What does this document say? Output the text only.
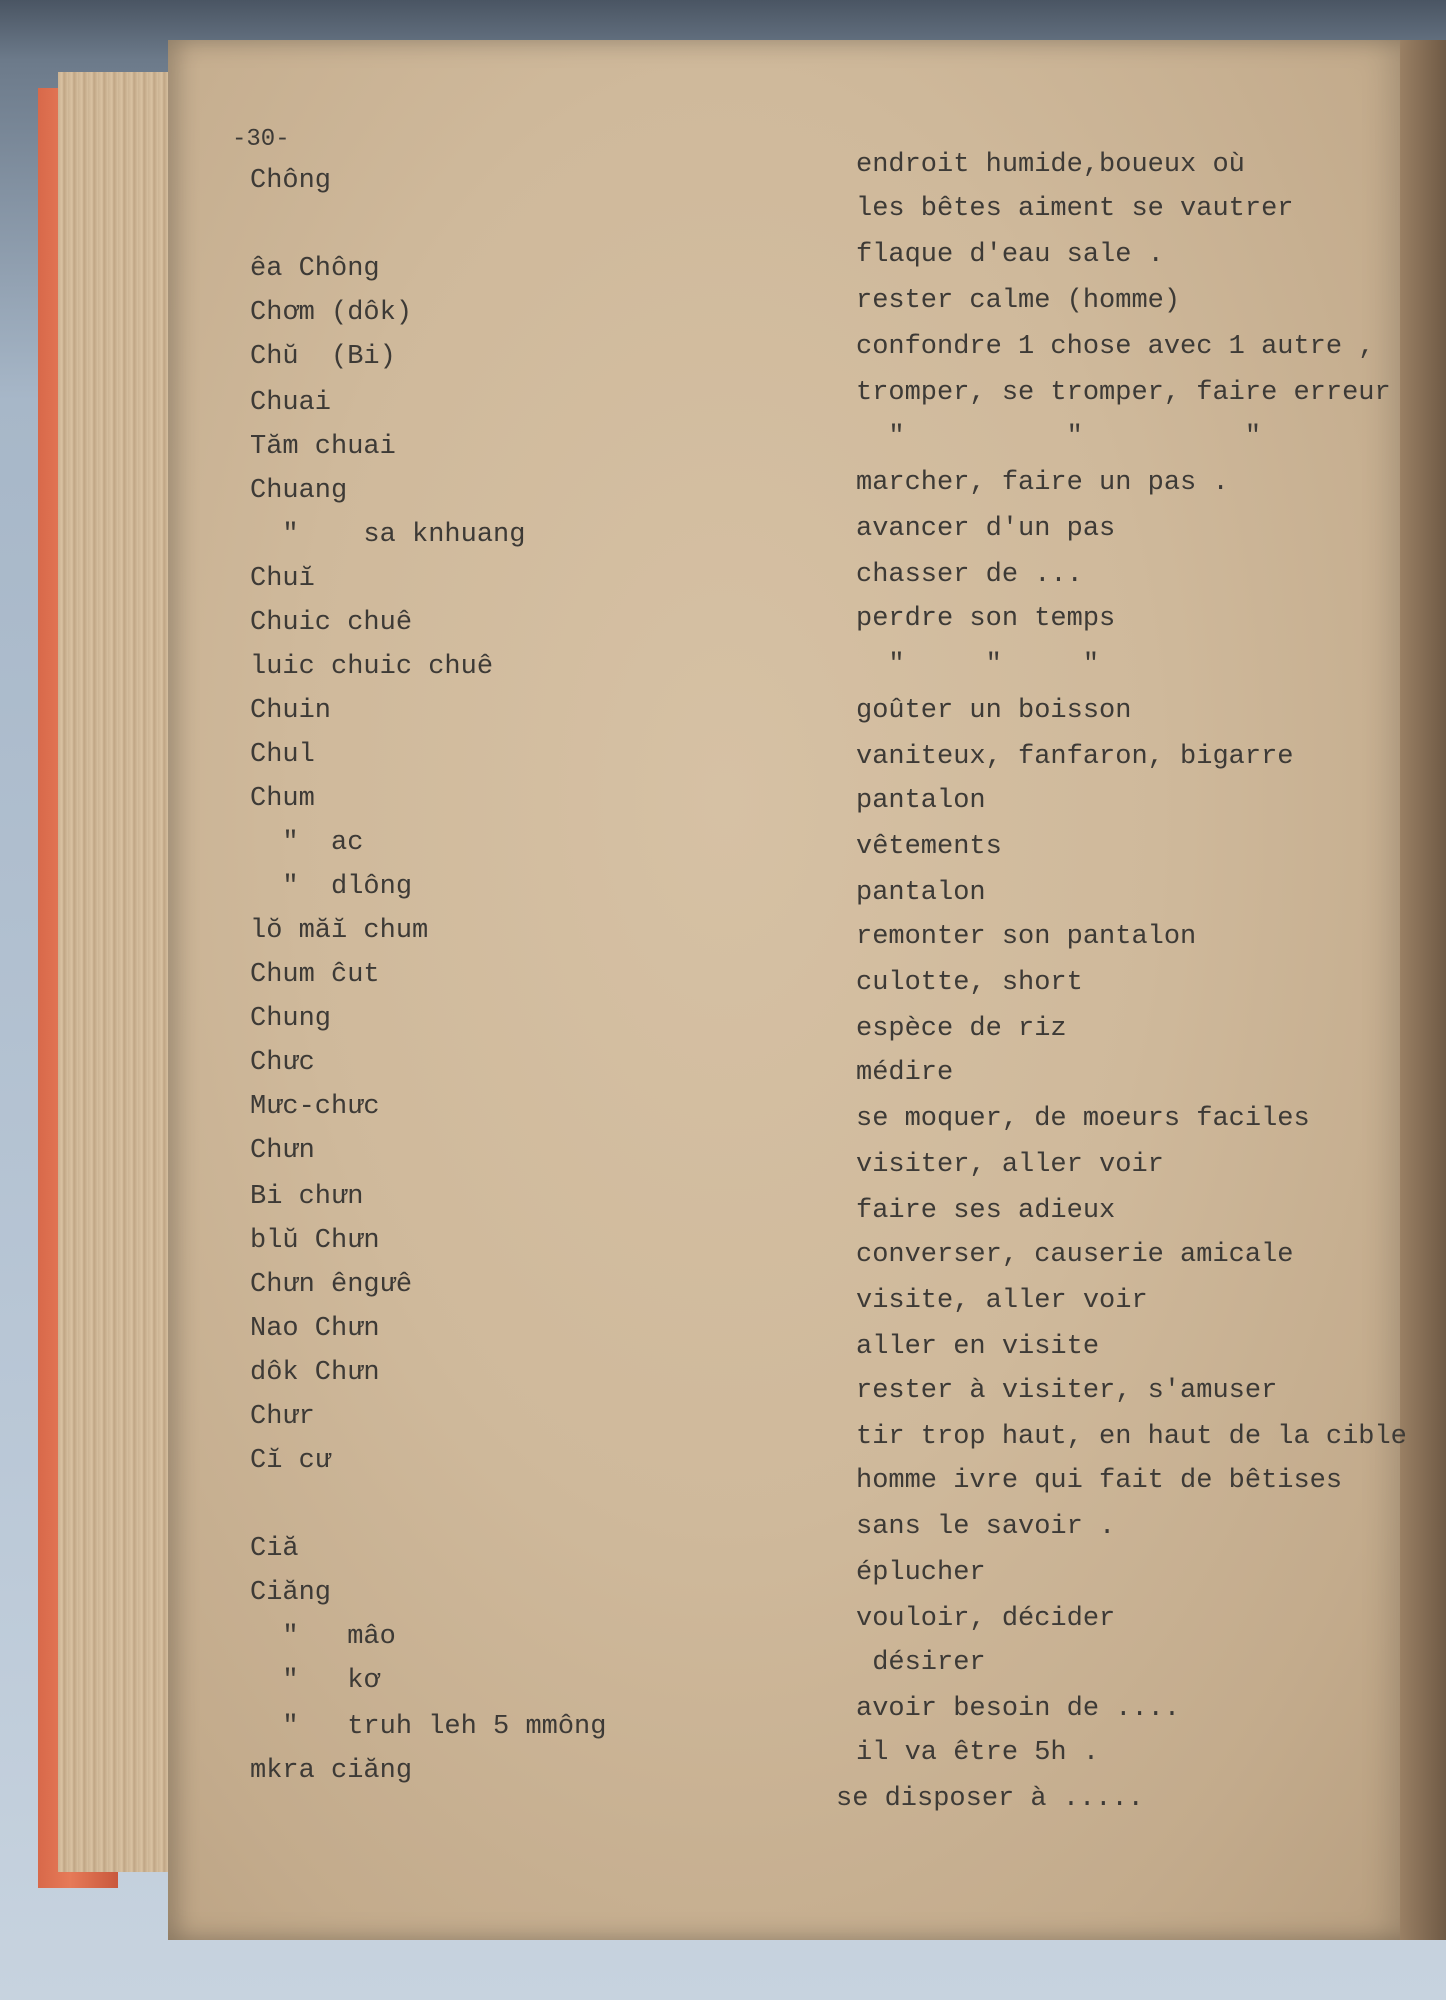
-30-
Chông
êa Chông
Chơm (dôk)
Chŭ  (Bi)
Chuai
Tăm chuai
Chuang
"    sa knhuang
Chuĭ
Chuic chuê
luic chuic chuê
Chuin
Chul
Chum
"  ac
"  dlông
lŏ măĭ chum
Chum ĉut
Chung
Chưc
Mưc-chưc
Chưn
Bi chưn
blŭ Chưn
Chưn êngưê
Nao Chưn
dôk Chưn
Chưr
Cĭ cư
Ciă
Ciăng
"   mâo
"   kơ
"   truh leh 5 mmông
mkra ciăng
endroit humide,boueux où
les bêtes aiment se vautrer
flaque d'eau sale .
rester calme (homme)
confondre 1 chose avec 1 autre ,
tromper, se tromper, faire erreur
"          "          "
marcher, faire un pas .
avancer d'un pas
chasser de ...
perdre son temps
"     "     "
goûter un boisson
vaniteux, fanfaron, bigarre
pantalon
vêtements
pantalon
remonter son pantalon
culotte, short
espèce de riz
médire
se moquer, de moeurs faciles
visiter, aller voir
faire ses adieux
converser, causerie amicale
visite, aller voir
aller en visite
rester à visiter, s'amuser
tir trop haut, en haut de la cible
homme ivre qui fait de bêtises
sans le savoir .
éplucher
vouloir, décider
désirer
avoir besoin de ....
il va être 5h .
se disposer à .....
